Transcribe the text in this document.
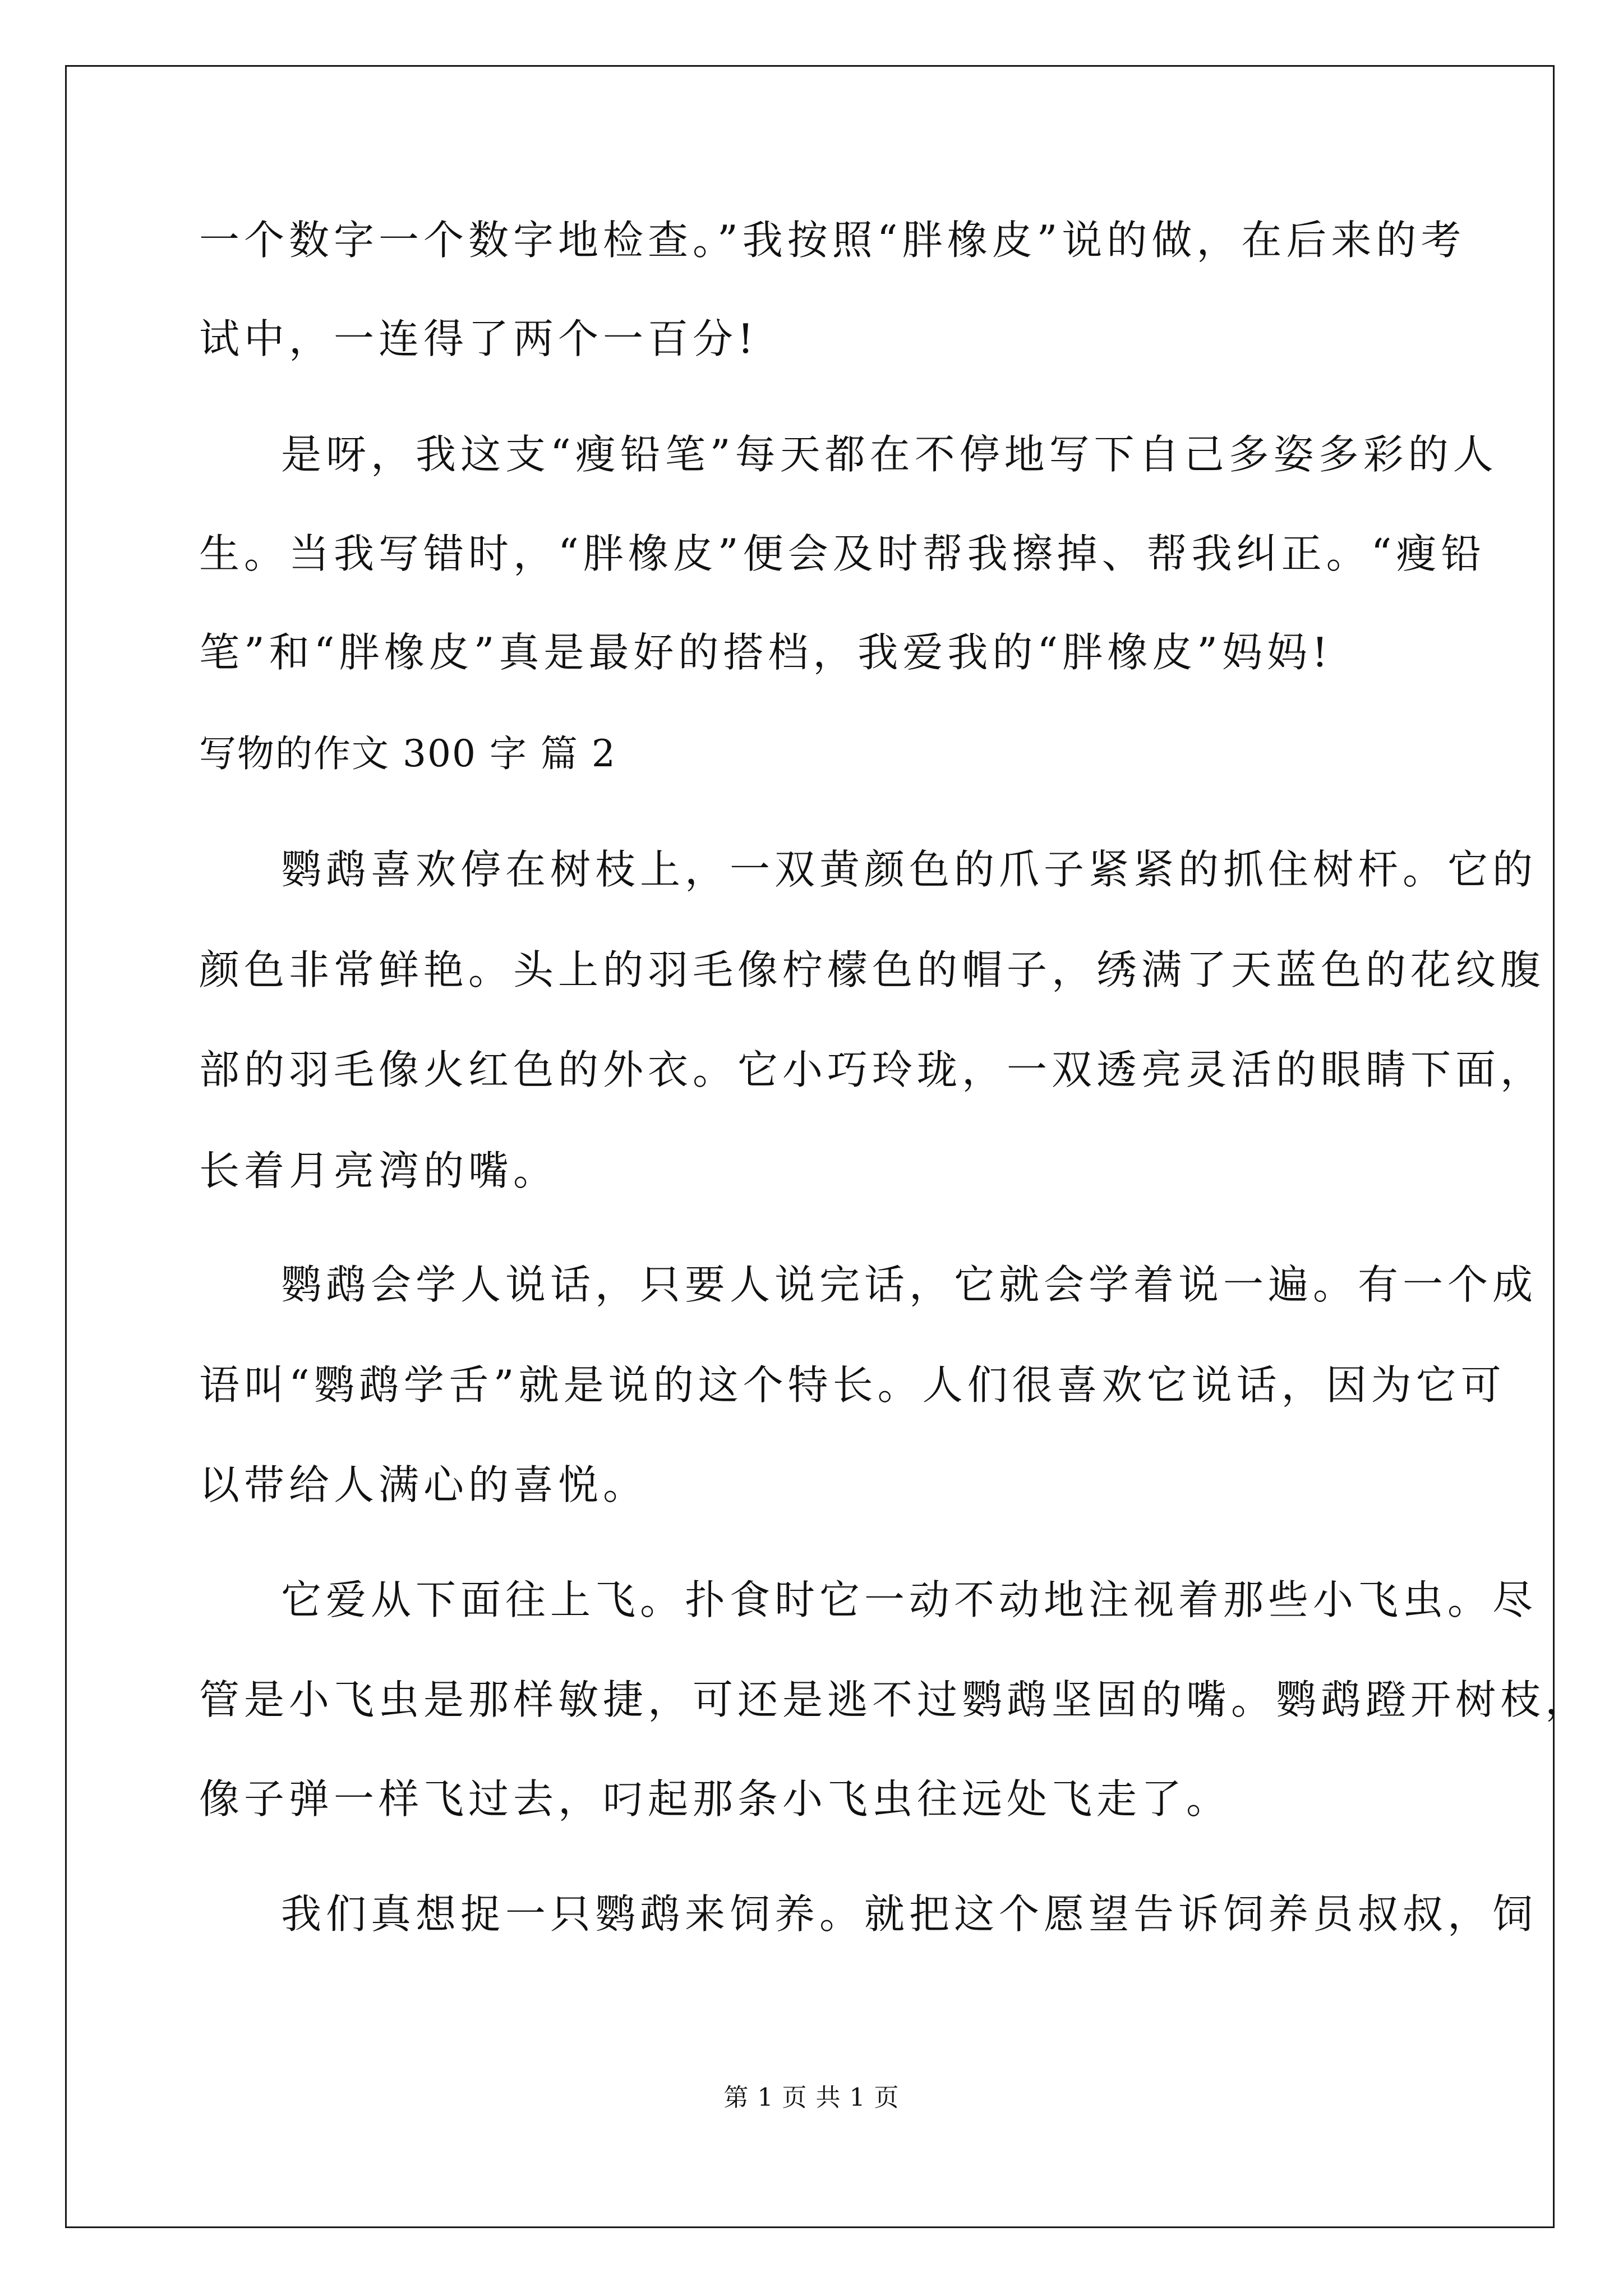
一个数字一个数字地检查。”我按照“胖橡皮”说的做，在后来的考
试中，一连得了两个一百分!
是呀，我这支“瘦铅笔”每天都在不停地写下自己多姿多彩的人
生。当我写错时，“胖橡皮”便会及时帮我擦掉、帮我纠正。“瘦铅
笔”和“胖橡皮”真是最好的搭档，我爱我的“胖橡皮”妈妈!
写物的作文 300 字 篇 2
鹦鹉喜欢停在树枝上，一双黄颜色的爪子紧紧的抓住树杆。它的
颜色非常鲜艳。头上的羽毛像柠檬色的帽子，绣满了天蓝色的花纹腹
部的羽毛像火红色的外衣。它小巧玲珑，一双透亮灵活的眼睛下面，
长着月亮湾的嘴。
鹦鹉会学人说话，只要人说完话，它就会学着说一遍。有一个成
语叫“鹦鹉学舌”就是说的这个特长。人们很喜欢它说话，因为它可
以带给人满心的喜悦。
它爱从下面往上飞。扑食时它一动不动地注视着那些小飞虫。尽
管是小飞虫是那样敏捷，可还是逃不过鹦鹉坚固的嘴。鹦鹉蹬开树枝，
像子弹一样飞过去，叼起那条小飞虫往远处飞走了。
我们真想捉一只鹦鹉来饲养。就把这个愿望告诉饲养员叔叔，饲
第 1 页 共 1 页
